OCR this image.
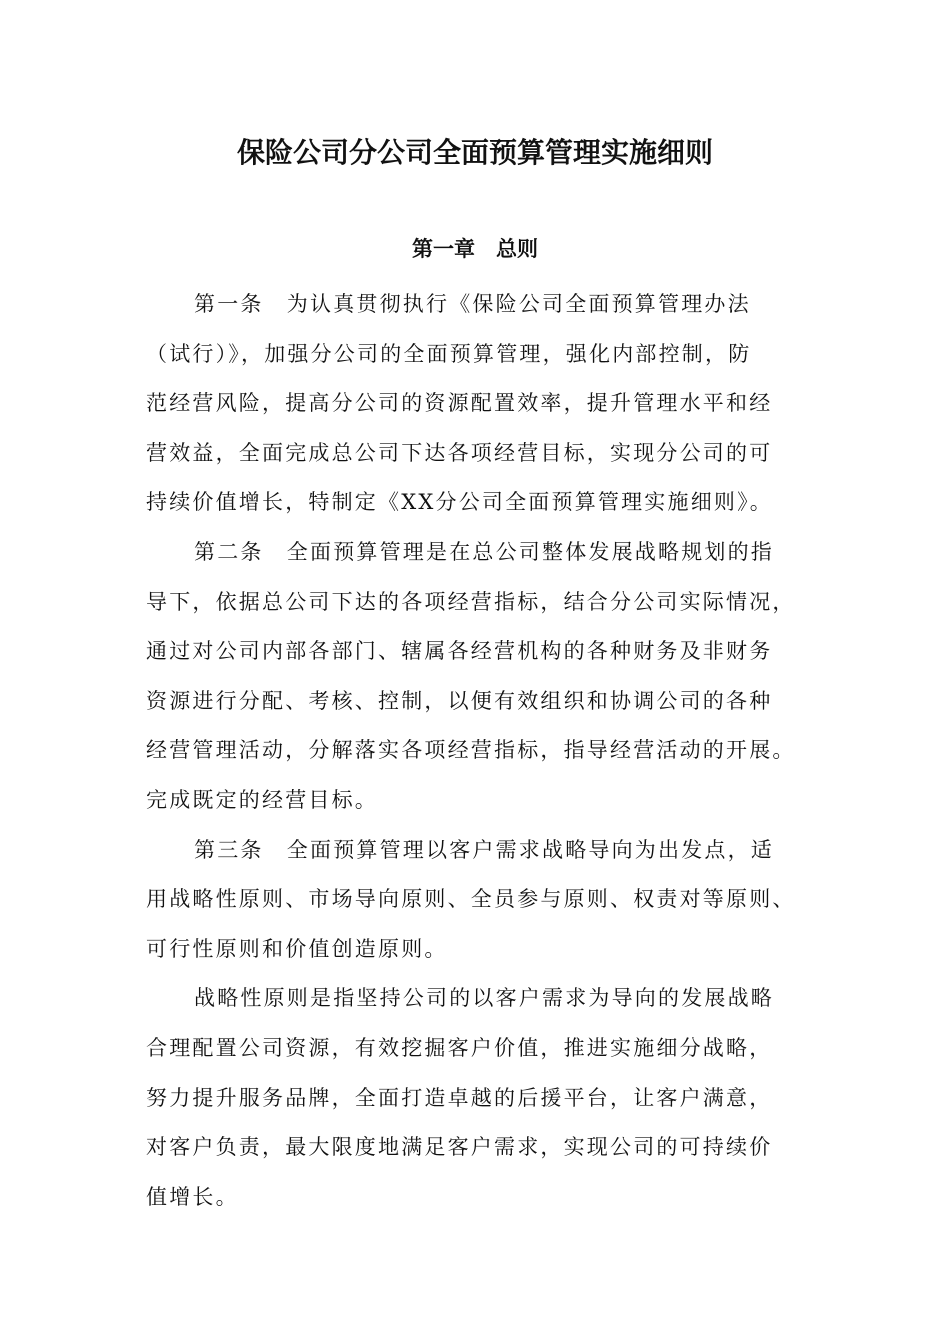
保险公司分公司全面预算管理实施细则
第一章　总则
第一条　为认真贯彻执行《保险公司全面预算管理办法
（试行）》，加强分公司的全面预算管理，强化内部控制，防
范经营风险，提高分公司的资源配置效率，提升管理水平和经
营效益，全面完成总公司下达各项经营目标，实现分公司的可
持续价值增长，特制定《XX分公司全面预算管理实施细则》。
第二条　全面预算管理是在总公司整体发展战略规划的指
导下，依据总公司下达的各项经营指标，结合分公司实际情况，
通过对公司内部各部门、辖属各经营机构的各种财务及非财务
资源进行分配、考核、控制，以便有效组织和协调公司的各种
经营管理活动，分解落实各项经营指标，指导经营活动的开展。
完成既定的经营目标。
第三条　全面预算管理以客户需求战略导向为出发点，适
用战略性原则、市场导向原则、全员参与原则、权责对等原则、
可行性原则和价值创造原则。
战略性原则是指坚持公司的以客户需求为导向的发展战略
合理配置公司资源，有效挖掘客户价值，推进实施细分战略，
努力提升服务品牌，全面打造卓越的后援平台，让客户满意，
对客户负责，最大限度地满足客户需求，实现公司的可持续价
值增长。
